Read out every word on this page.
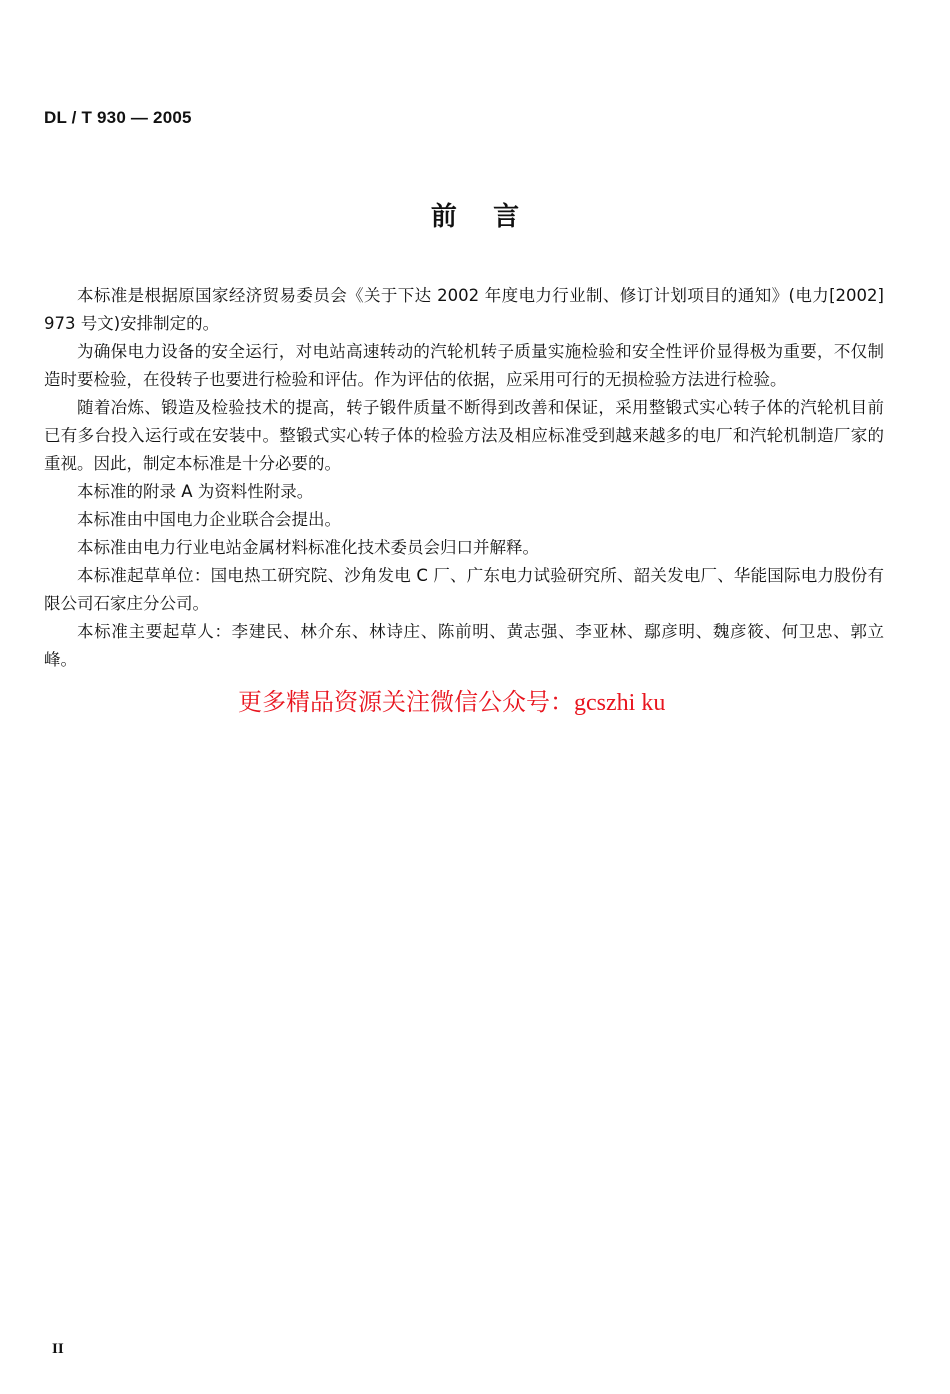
DL / T 930 — 2005
前    言

本标准是根据原国家经济贸易委员会《关于下达 2002 年度电力行业制、修订计划项目的通知》(电力[2002] 973 号文)安排制定的。

为确保电力设备的安全运行，对电站高速转动的汽轮机转子质量实施检验和安全性评价显得极为重要，不仅制造时要检验，在役转子也要进行检验和评估。作为评估的依据，应采用可行的无损检验方法进行检验。

随着冶炼、锻造及检验技术的提高，转子锻件质量不断得到改善和保证，采用整锻式实心转子体的汽轮机目前已有多台投入运行或在安装中。整锻式实心转子体的检验方法及相应标准受到越来越多的电厂和汽轮机制造厂家的重视。因此，制定本标准是十分必要的。

本标准的附录 A 为资料性附录。

本标准由中国电力企业联合会提出。

本标准由电力行业电站金属材料标准化技术委员会归口并解释。

本标准起草单位：国电热工研究院、沙角发电 C 厂、广东电力试验研究所、韶关发电厂、华能国际电力股份有限公司石家庄分公司。

本标准主要起草人：李建民、林介东、林诗庄、陈前明、黄志强、李亚林、鄢彦明、魏彦筱、何卫忠、郭立峰。

更多精品资源关注微信公众号：gcszhi ku
II
